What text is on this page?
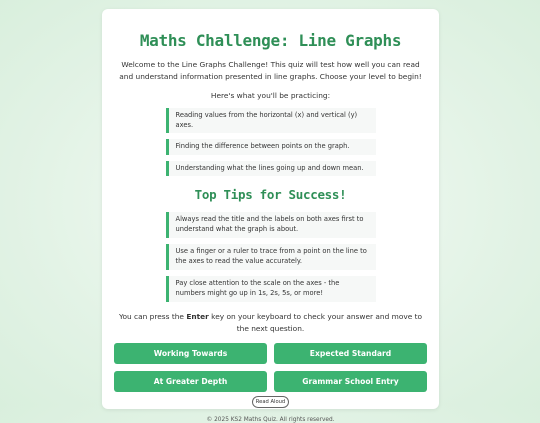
Maths Challenge: Line Graphs

Welcome to the Line Graphs Challenge! This quiz will test how well you can read and understand information presented in line graphs. Choose your level to begin!

Here's what you'll be practicing:

Reading values from the horizontal (x) and vertical (y) axes.
Finding the difference between points on the graph.
Understanding what the lines going up and down mean.
Top Tips for Success!
Always read the title and the labels on both axes first to understand what the graph is about.
Use a finger or a ruler to trace from a point on the line to the axes to read the value accurately.
Pay close attention to the scale on the axes - the numbers might go up in 1s, 2s, 5s, or more!

You can press the Enter key on your keyboard to check your answer and move to the next question.

Working Towards	Expected Standard
At Greater Depth	Grammar School Entry
Read Aloud

© 2025 KS2 Maths Quiz. All rights reserved.
